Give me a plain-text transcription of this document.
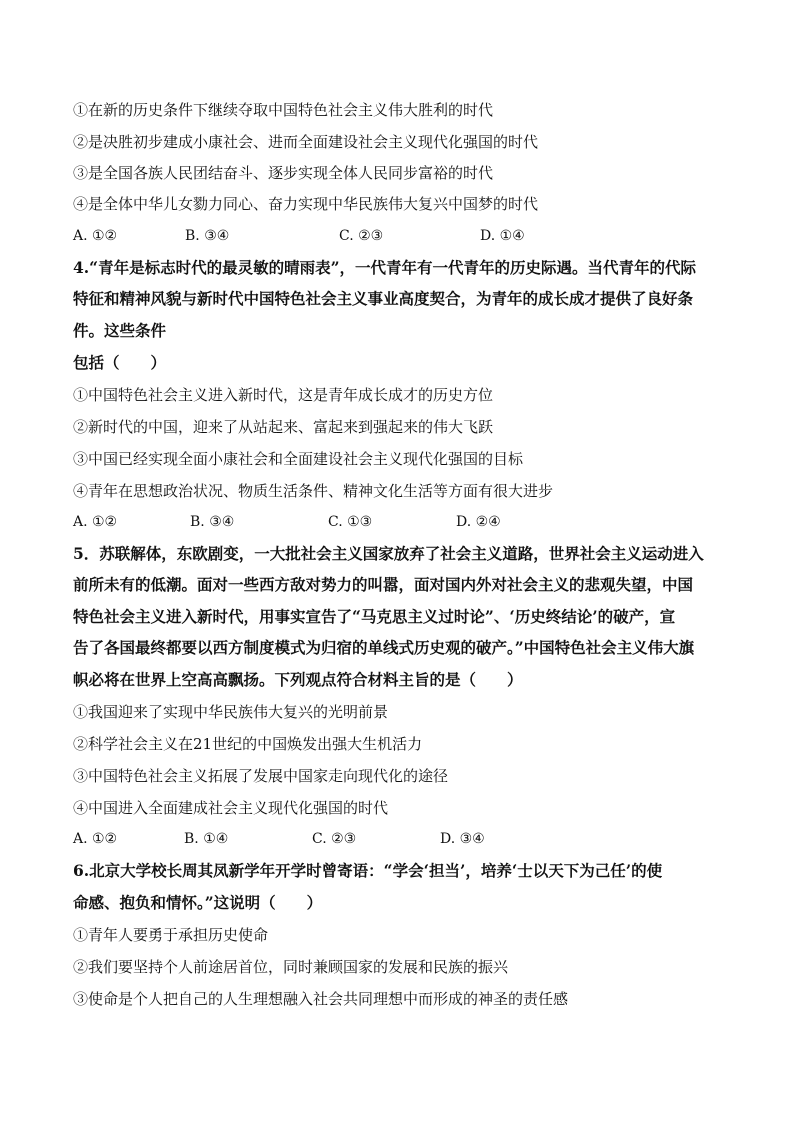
①在新的历史条件下继续夺取中国特色社会主义伟大胜利的时代
②是决胜初步建成小康社会、进而全面建设社会主义现代化强国的时代
③是全国各族人民团结奋斗、逐步实现全体人民同步富裕的时代
④是全体中华儿女勠力同心、奋力实现中华民族伟大复兴中国梦的时代
A. ①②	B. ③④	C. ②③	D. ①④
4.“青年是标志时代的最灵敏的晴雨表”，一代青年有一代青年的历史际遇。当代青年的代际
特征和精神风貌与新时代中国特色社会主义事业高度契合，为青年的成长成才提供了良好条
件。这些条件
包括（　　）
①中国特色社会主义进入新时代，这是青年成长成才的历史方位
②新时代的中国，迎来了从站起来、富起来到强起来的伟大飞跃
③中国已经实现全面小康社会和全面建设社会主义现代化强国的目标
④青年在思想政治状况、物质生活条件、精神文化生活等方面有很大进步
A. ①②	B. ③④	C. ①③	D. ②④
5．苏联解体，东欧剧变，一大批社会主义国家放弃了社会主义道路，世界社会主义运动进入
前所未有的低潮。面对一些西方敌对势力的叫嚣，面对国内外对社会主义的悲观失望，中国
特色社会主义进入新时代，用事实宣告了“马克思主义过时论”、‘历史终结论’的破产，宣
告了各国最终都要以西方制度模式为归宿的单线式历史观的破产。”中国特色社会主义伟大旗
帜必将在世界上空高高飘扬。下列观点符合材料主旨的是（　　）
①我国迎来了实现中华民族伟大复兴的光明前景
②科学社会主义在21世纪的中国焕发出强大生机活力
③中国特色社会主义拓展了发展中国家走向现代化的途径
④中国进入全面建成社会主义现代化强国的时代
A. ①②	B. ①④	C. ②③	D. ③④
6.北京大学校长周其凤新学年开学时曾寄语：“学会‘担当’，培养‘士以天下为己任’的使
命感、抱负和情怀。”这说明（　　）
①青年人要勇于承担历史使命
②我们要坚持个人前途居首位，同时兼顾国家的发展和民族的振兴
③使命是个人把自己的人生理想融入社会共同理想中而形成的神圣的责任感
